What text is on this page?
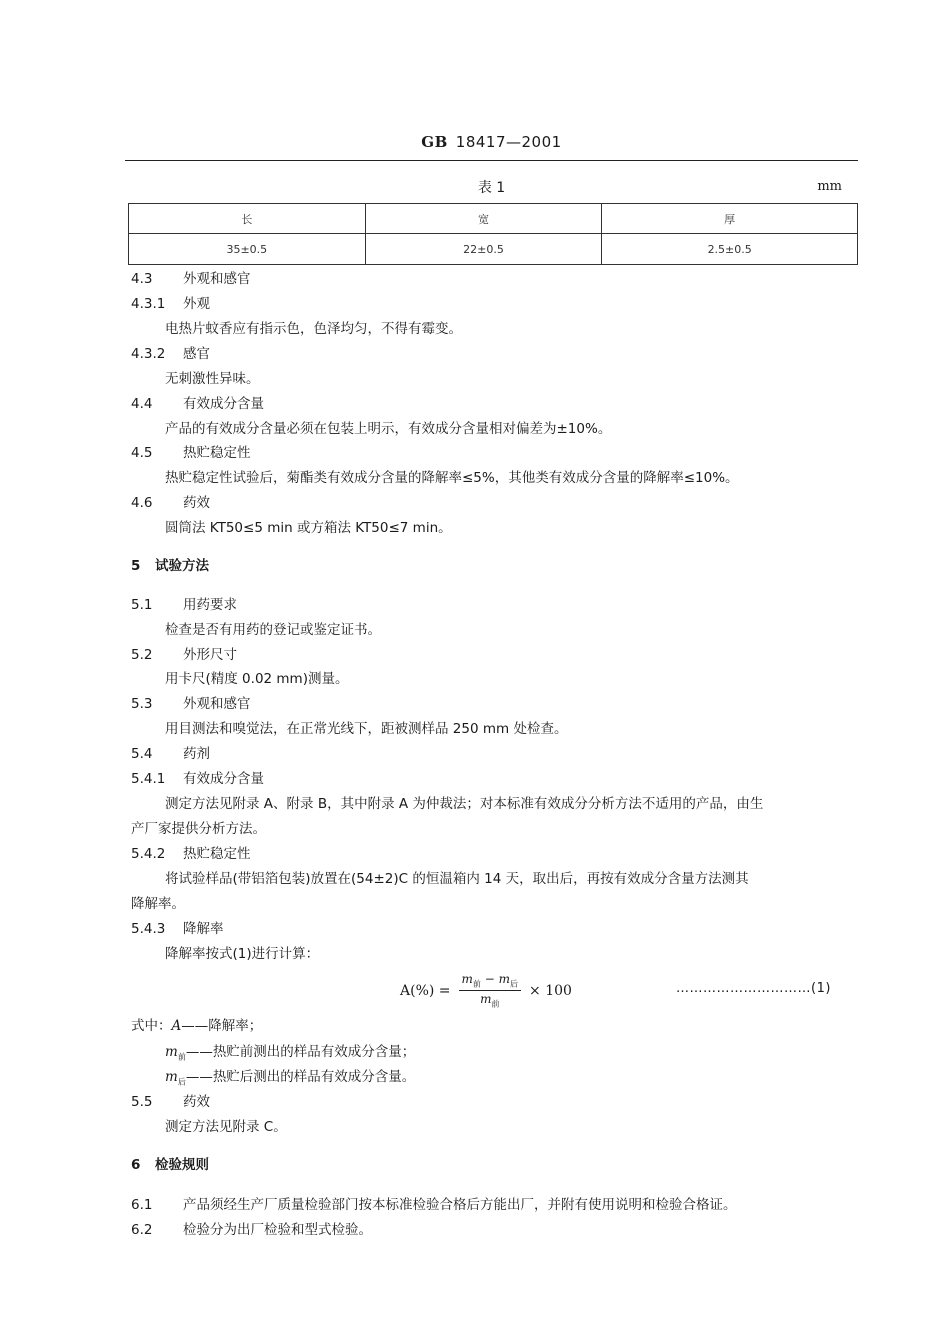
GB 18417—2001
表 1	mm
长	宽	厚
35±0.5	22±0.5	2.5±0.5
4.3 外观和感官
4.3.1 外观
电热片蚊香应有指示色，色泽均匀，不得有霉变。
4.3.2 感官
无刺激性异味。
4.4 有效成分含量
产品的有效成分含量必须在包装上明示，有效成分含量相对偏差为±10%。
4.5 热贮稳定性
热贮稳定性试验后，菊酯类有效成分含量的降解率≤5%，其他类有效成分含量的降解率≤10%。
4.6 药效
圆筒法 KT50≤5 min 或方箱法 KT50≤7 min。
5 试验方法
5.1 用药要求
检查是否有用药的登记或鉴定证书。
5.2 外形尺寸
用卡尺(精度 0.02 mm)测量。
5.3 外观和感官
用目测法和嗅觉法，在正常光线下，距被测样品 250 mm 处检查。
5.4 药剂
5.4.1 有效成分含量
测定方法见附录 A、附录 B，其中附录 A 为仲裁法；对本标准有效成分分析方法不适用的产品，由生
产厂家提供分析方法。
5.4.2 热贮稳定性
将试验样品(带铝箔包装)放置在(54±2)C 的恒温箱内 14 天，取出后，再按有效成分含量方法测其
降解率。
5.4.3 降解率
降解率按式(1)进行计算：
$A(\%) = \frac{m_前 - m_后}{m_前} \times 100$	…………………………(1)
式中：A——降解率；
$m_前——$热贮前测出的样品有效成分含量；
$m_后——$热贮后测出的样品有效成分含量。
5.5 药效
测定方法见附录 C。
6 检验规则
6.1 产品须经生产厂质量检验部门按本标准检验合格后方能出厂，并附有使用说明和检验合格证。
6.2 检验分为出厂检验和型式检验。
